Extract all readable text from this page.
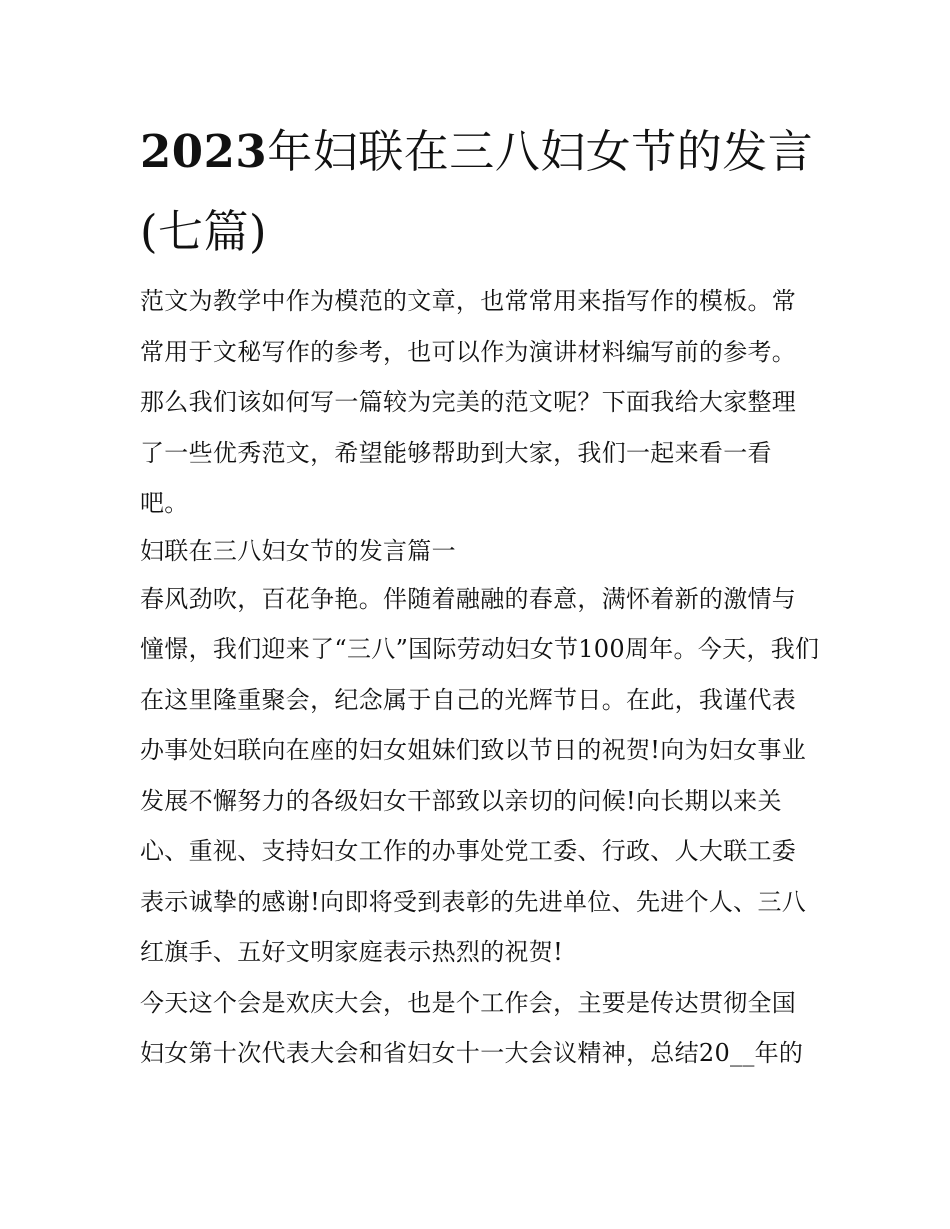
2023年妇联在三八妇女节的发言(七篇)

范文为教学中作为模范的文章，也常常用来指写作的模板。常常用于文秘写作的参考，也可以作为演讲材料编写前的参考。那么我们该如何写一篇较为完美的范文呢？下面我给大家整理了一些优秀范文，希望能够帮助到大家，我们一起来看一看吧。

妇联在三八妇女节的发言篇一

春风劲吹，百花争艳。伴随着融融的春意，满怀着新的激情与憧憬，我们迎来了“三八”国际劳动妇女节100周年。今天，我们在这里隆重聚会，纪念属于自己的光辉节日。在此，我谨代表办事处妇联向在座的妇女姐妹们致以节日的祝贺!向为妇女事业发展不懈努力的各级妇女干部致以亲切的问候!向长期以来关心、重视、支持妇女工作的办事处党工委、行政、人大联工委表示诚挚的感谢!向即将受到表彰的先进单位、先进个人、三八红旗手、五好文明家庭表示热烈的祝贺!

今天这个会是欢庆大会，也是个工作会，主要是传达贯彻全国妇女第十次代表大会和省妇女十一大会议精神，总结20__年的
